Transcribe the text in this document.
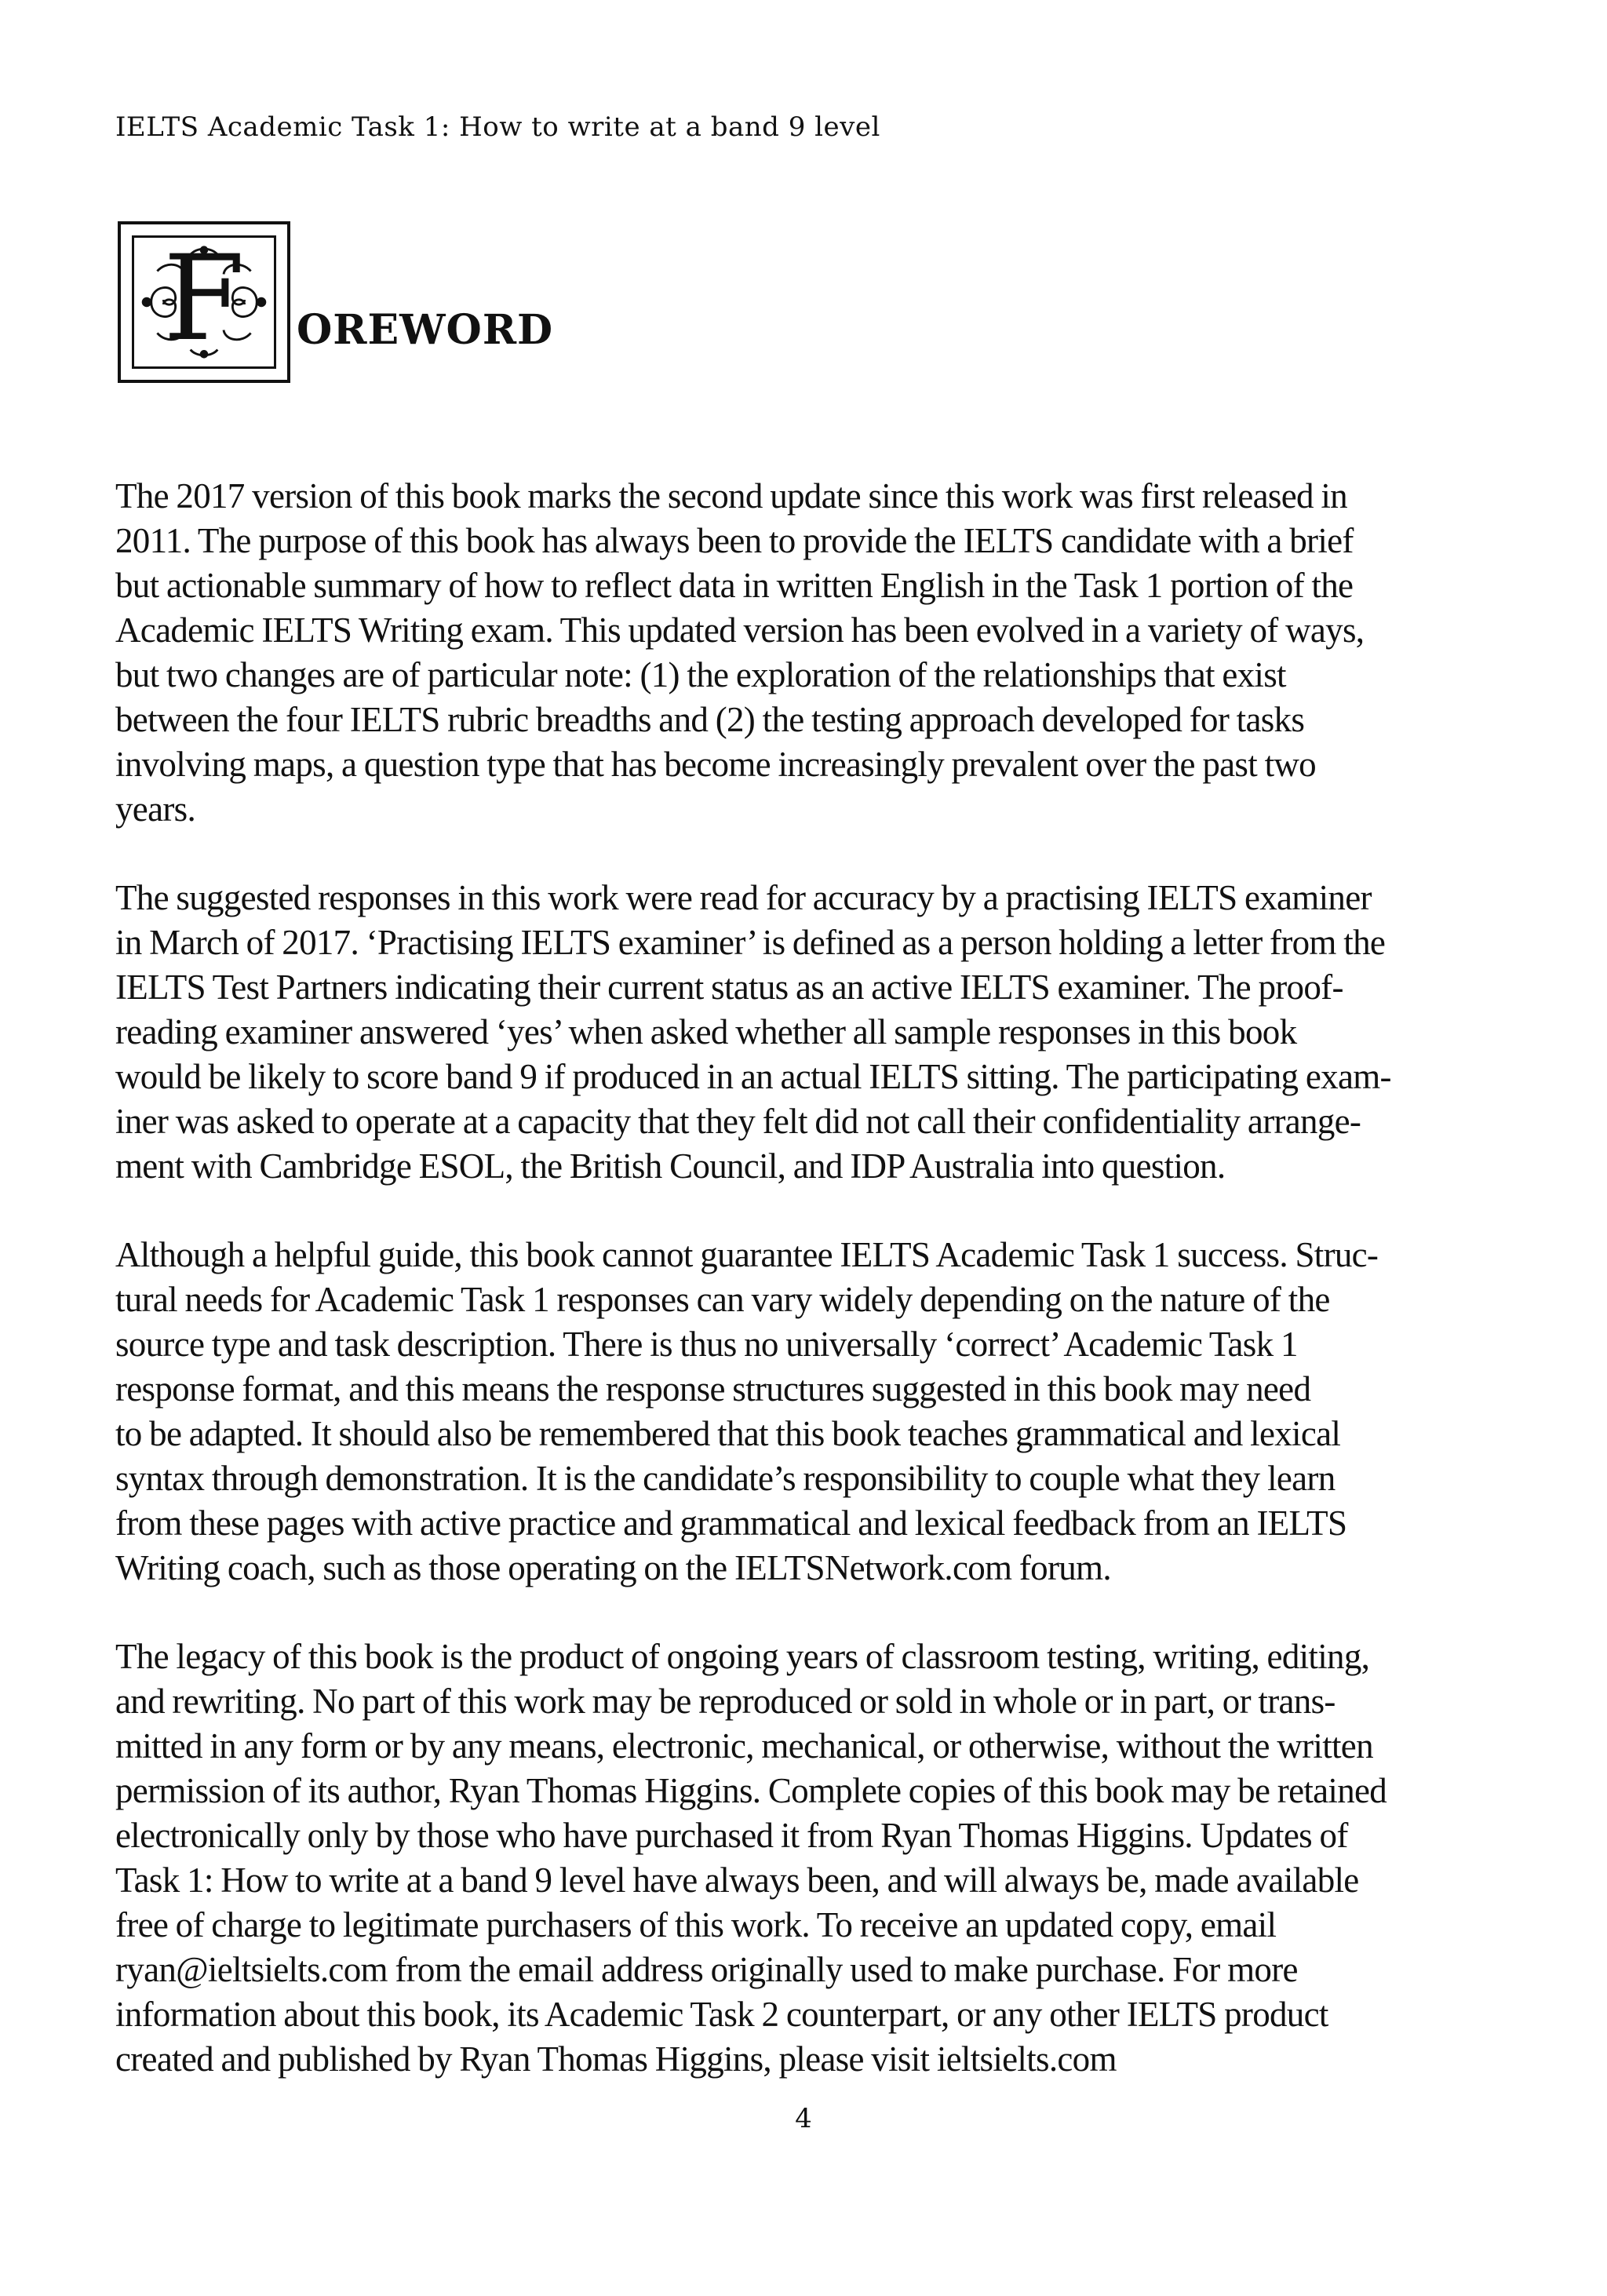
IELTS Academic Task 1: How to write at a band 9 level
F	OREWORD

The 2017 version of this book marks the second update since this work was first released in
2011. The purpose of this book has always been to provide the IELTS candidate with a brief
but actionable summary of how to reflect data in written English in the Task 1 portion of the
Academic IELTS Writing exam. This updated version has been evolved in a variety of ways,
but two changes are of particular note: (1) the exploration of the relationships that exist
between the four IELTS rubric breadths and (2) the testing approach developed for tasks
involving maps, a question type that has become increasingly prevalent over the past two
years.

The suggested responses in this work were read for accuracy by a practising IELTS examiner
in March of 2017. ‘Practising IELTS examiner’ is defined as a person holding a letter from the
IELTS Test Partners indicating their current status as an active IELTS examiner. The proof-
reading examiner answered ‘yes’ when asked whether all sample responses in this book
would be likely to score band 9 if produced in an actual IELTS sitting. The participating exam-
iner was asked to operate at a capacity that they felt did not call their confidentiality arrange-
ment with Cambridge ESOL, the British Council, and IDP Australia into question.

Although a helpful guide, this book cannot guarantee IELTS Academic Task 1 success. Struc-
tural needs for Academic Task 1 responses can vary widely depending on the nature of the
source type and task description. There is thus no universally ‘correct’ Academic Task 1
response format, and this means the response structures suggested in this book may need
to be adapted. It should also be remembered that this book teaches grammatical and lexical
syntax through demonstration. It is the candidate’s responsibility to couple what they learn
from these pages with active practice and grammatical and lexical feedback from an IELTS
Writing coach, such as those operating on the IELTSNetwork.com forum.

The legacy of this book is the product of ongoing years of classroom testing, writing, editing,
and rewriting. No part of this work may be reproduced or sold in whole or in part, or trans-
mitted in any form or by any means, electronic, mechanical, or otherwise, without the written
permission of its author, Ryan Thomas Higgins. Complete copies of this book may be retained
electronically only by those who have purchased it from Ryan Thomas Higgins. Updates of
Task 1: How to write at a band 9 level have always been, and will always be, made available
free of charge to legitimate purchasers of this work. To receive an updated copy, email
ryan@ieltsielts.com from the email address originally used to make purchase. For more
information about this book, its Academic Task 2 counterpart, or any other IELTS product
created and published by Ryan Thomas Higgins, please visit ieltsielts.com

4
